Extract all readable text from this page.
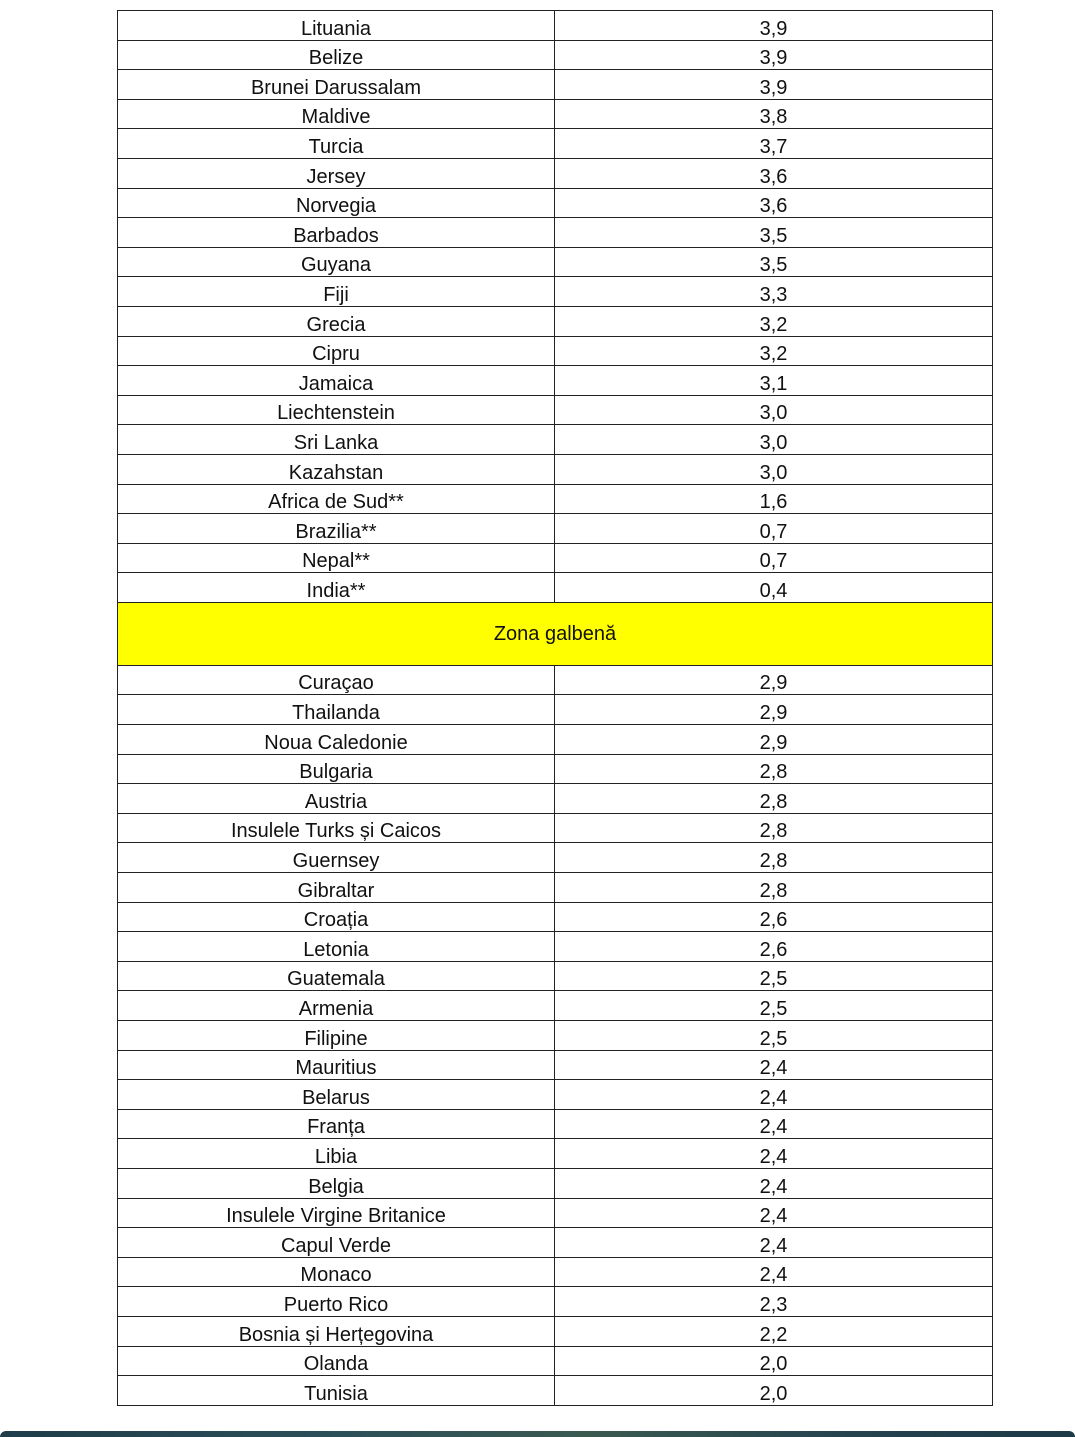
Lituania	3,9
Belize	3,9
Brunei Darussalam	3,9
Maldive	3,8
Turcia	3,7
Jersey	3,6
Norvegia	3,6
Barbados	3,5
Guyana	3,5
Fiji	3,3
Grecia	3,2
Cipru	3,2
Jamaica	3,1
Liechtenstein	3,0
Sri Lanka	3,0
Kazahstan	3,0
Africa de Sud**	1,6
Brazilia**	0,7
Nepal**	0,7
India**	0,4
Zona galbenă	
Curaçao	2,9
Thailanda	2,9
Noua Caledonie	2,9
Bulgaria	2,8
Austria	2,8
Insulele Turks și Caicos	2,8
Guernsey	2,8
Gibraltar	2,8
Croația	2,6
Letonia	2,6
Guatemala	2,5
Armenia	2,5
Filipine	2,5
Mauritius	2,4
Belarus	2,4
Franța	2,4
Libia	2,4
Belgia	2,4
Insulele Virgine Britanice	2,4
Capul Verde	2,4
Monaco	2,4
Puerto Rico	2,3
Bosnia și Herțegovina	2,2
Olanda	2,0
Tunisia	2,0
